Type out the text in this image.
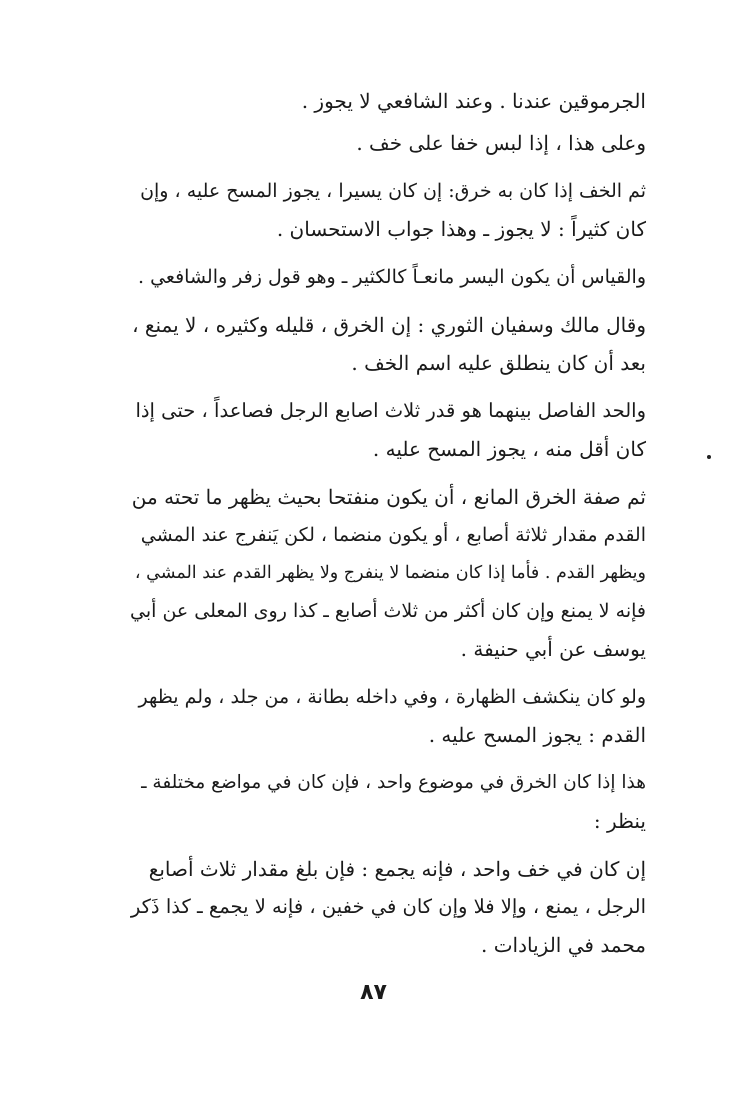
الجرموقين عندنا . وعند الشافعي لا يجوز .

وعلى هذا ، إذا لبس خفا على خف .

ثم الخف إذا كان به خرق: إن كان يسيرا ، يجوز المسح عليه ، وإن
كان كثيراً : لا يجوز ـ وهذا جواب الاستحسان .

والقياس أن يكون اليسر مانعـاً كالكثير ـ وهو قول زفر والشافعي .

وقال مالك وسفيان الثوري : إن الخرق ، قليله وكثيره ، لا يمنع ،
بعد أن كان ينطلق عليه اسم الخف .

والحد الفاصل بينهما هو قدر ثلاث اصابع الرجل فصاعداً ، حتى إذا
كان أقل منه ، يجوز المسح عليه .

ثم صفة الخرق المانع ، أن يكون منفتحا بحيث يظهر ما تحته من
القدم مقدار ثلاثة أصابع ، أو يكون منضما ، لكن يَنفرج عند المشي
ويظهر القدم . فأما إذا كان منضما لا ينفرج ولا يظهر القدم عند المشي ،
فإنه لا يمنع وإن كان أكثر من ثلاث أصابع ـ كذا روى المعلى عن أبي
يوسف عن أبي حنيفة .

ولو كان ينكشف الظهارة ، وفي داخله بطانة ، من جلد ، ولم يظهر
القدم : يجوز المسح عليه .

هذا إذا كان الخرق في موضوع واحد ، فإن كان في مواضع مختلفة ـ
ينظر :

إن كان في خف واحد ، فإنه يجمع : فإن بلغ مقدار ثلاث أصابع
الرجل ، يمنع ، وإلا فلا وإن كان في خفين ، فإنه لا يجمع ـ كذا ذَكر
محمد في الزيادات .

٨٧
